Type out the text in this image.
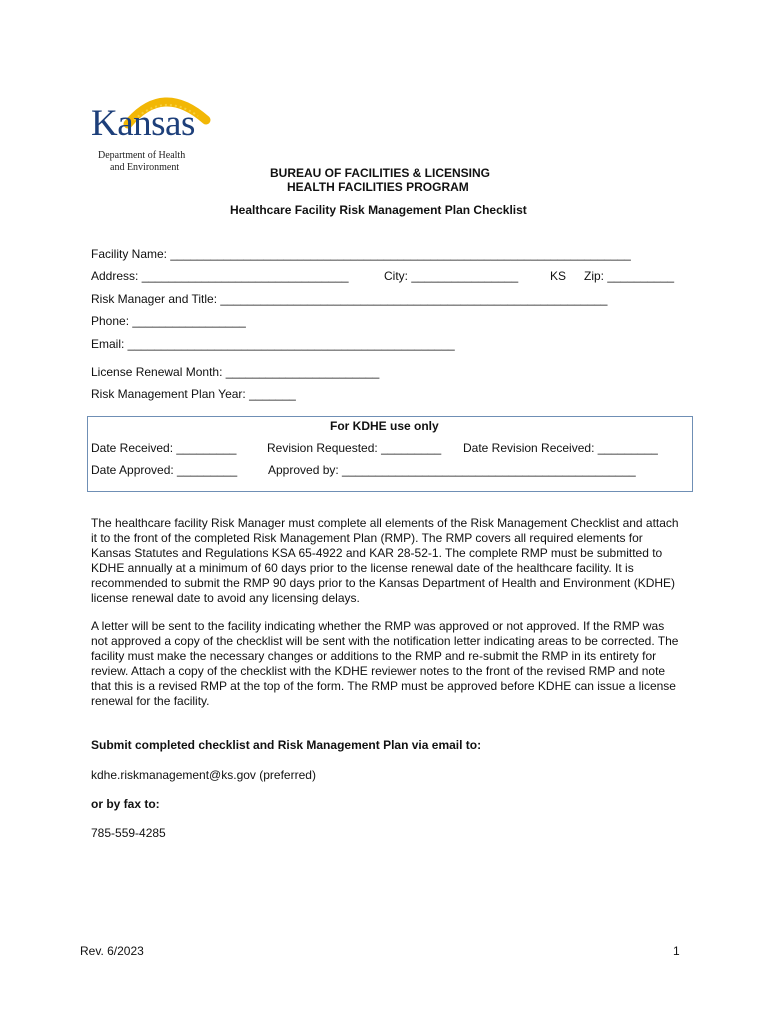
Kansas
Department of Health
and Environment	BUREAU OF FACILITIES & LICENSING
HEALTH FACILITIES PROGRAM
Healthcare Facility Risk Management Plan Checklist
Facility Name: _____________________________________________________________________
Address: _______________________________	City: ________________	KS Zip: __________
Risk Manager and Title: __________________________________________________________
Phone: _________________
Email: _________________________________________________
License Renewal Month: _______________________
Risk Management Plan Year: _______
For KDHE use only
Date Received: _________	Revision Requested: _________ Date Revision Received: _________
Date Approved: _________	Approved by: ____________________________________________

The healthcare facility Risk Manager must complete all elements of the Risk Management Checklist and attach it to the front of the completed Risk Management Plan (RMP). The RMP covers all required elements for Kansas Statutes and Regulations KSA 65-4922 and KAR 28-52-1. The complete RMP must be submitted to KDHE annually at a minimum of 60 days prior to the license renewal date of the healthcare facility. It is recommended to submit the RMP 90 days prior to the Kansas Department of Health and Environment (KDHE) license renewal date to avoid any licensing delays.

A letter will be sent to the facility indicating whether the RMP was approved or not approved. If the RMP was not approved a copy of the checklist will be sent with the notification letter indicating areas to be corrected. The facility must make the necessary changes or additions to the RMP and re-submit the RMP in its entirety for review. Attach a copy of the checklist with the KDHE reviewer notes to the front of the revised RMP and note that this is a revised RMP at the top of the form. The RMP must be approved before KDHE can issue a license renewal for the facility.

Submit completed checklist and Risk Management Plan via email to:
kdhe.riskmanagement@ks.gov (preferred)
or by fax to:
785-559-4285
Rev. 6/2023	1
